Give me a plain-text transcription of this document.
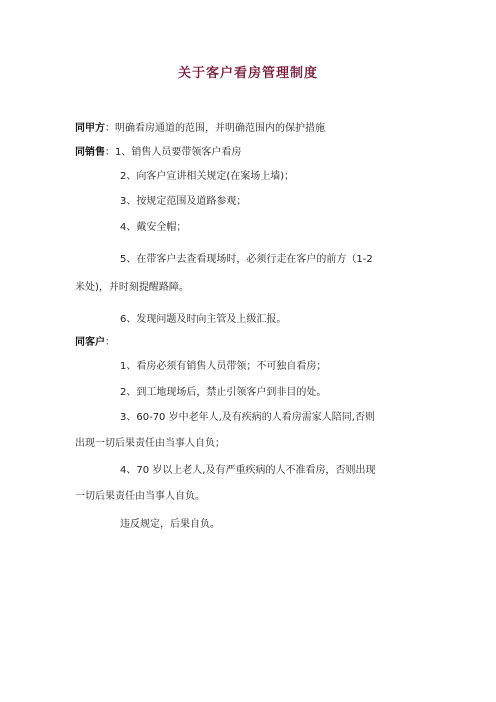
关于客户看房管理制度
同甲方：明确看房通道的范围，并明确范围内的保护措施
同销售：1、销售人员要带领客户看房
2、向客户宣讲相关规定(在案场上墙)；
3、按规定范围及道路参观；
4、戴安全帽；
5、在带客户去查看现场时，必须行走在客户的前方（1-2
米处)，并时刻提醒路障。
6、发现问题及时向主管及上级汇报。
同客户：
1、看房必须有销售人员带领；不可独自看房；
2、到工地现场后，禁止引领客户到非目的处。
3、60-70 岁中老年人,及有疾病的人看房需家人陪同,否则
出现一切后果责任由当事人自负；
4、70 岁以上老人,及有严重疾病的人不准看房，否则出现
一切后果责任由当事人自负。
违反规定，后果自负。
